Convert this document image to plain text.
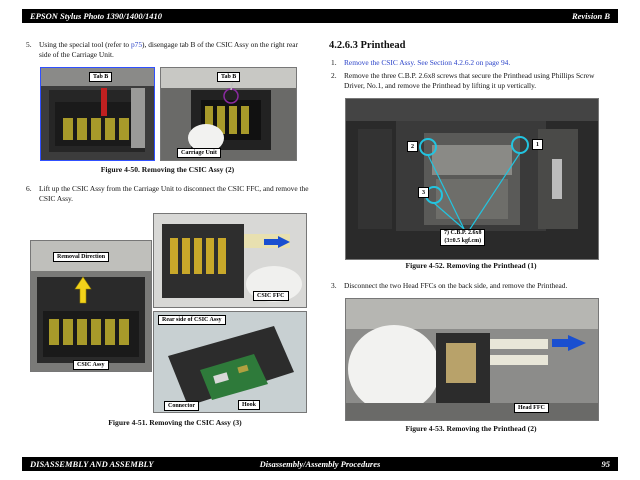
EPSON Stylus Photo 1390/1400/1410	Revision B
5. Using the special tool (refer to p75), disengage tab B of the CSIC Assy on the right rear side of the Carriage Unit.
Tab B	Tab B
Carriage Unit
Figure 4-50. Removing the CSIC Assy (2)
6. Lift up the CSIC Assy from the Carriage Unit to disconnect the CSIC FFC, and remove the CSIC Assy.
Removal Direction
CSIC Assy
CSIC FFC
Rear side of CSIC Assy
Connector	Hook
Figure 4-51. Removing the CSIC Assy (3)
4.2.6.3 Printhead
1. Remove the CSIC Assy. See Section 4.2.6.2 on page 94.
2. Remove the three C.B.P. 2.6x8 screws that secure the Printhead using Phillips Screw Driver, No.1, and remove the Printhead by lifting it up vertically.
2	1
3
7) C.B.P. 2.6x8
(3±0.5 kgf.cm)
Figure 4-52. Removing the Printhead (1)
3. Disconnect the two Head FFCs on the back side, and remove the Printhead.
Head FFC
Figure 4-53. Removing the Printhead (2)
DISASSEMBLY AND ASSEMBLY	Disassembly/Assembly Procedures	95
